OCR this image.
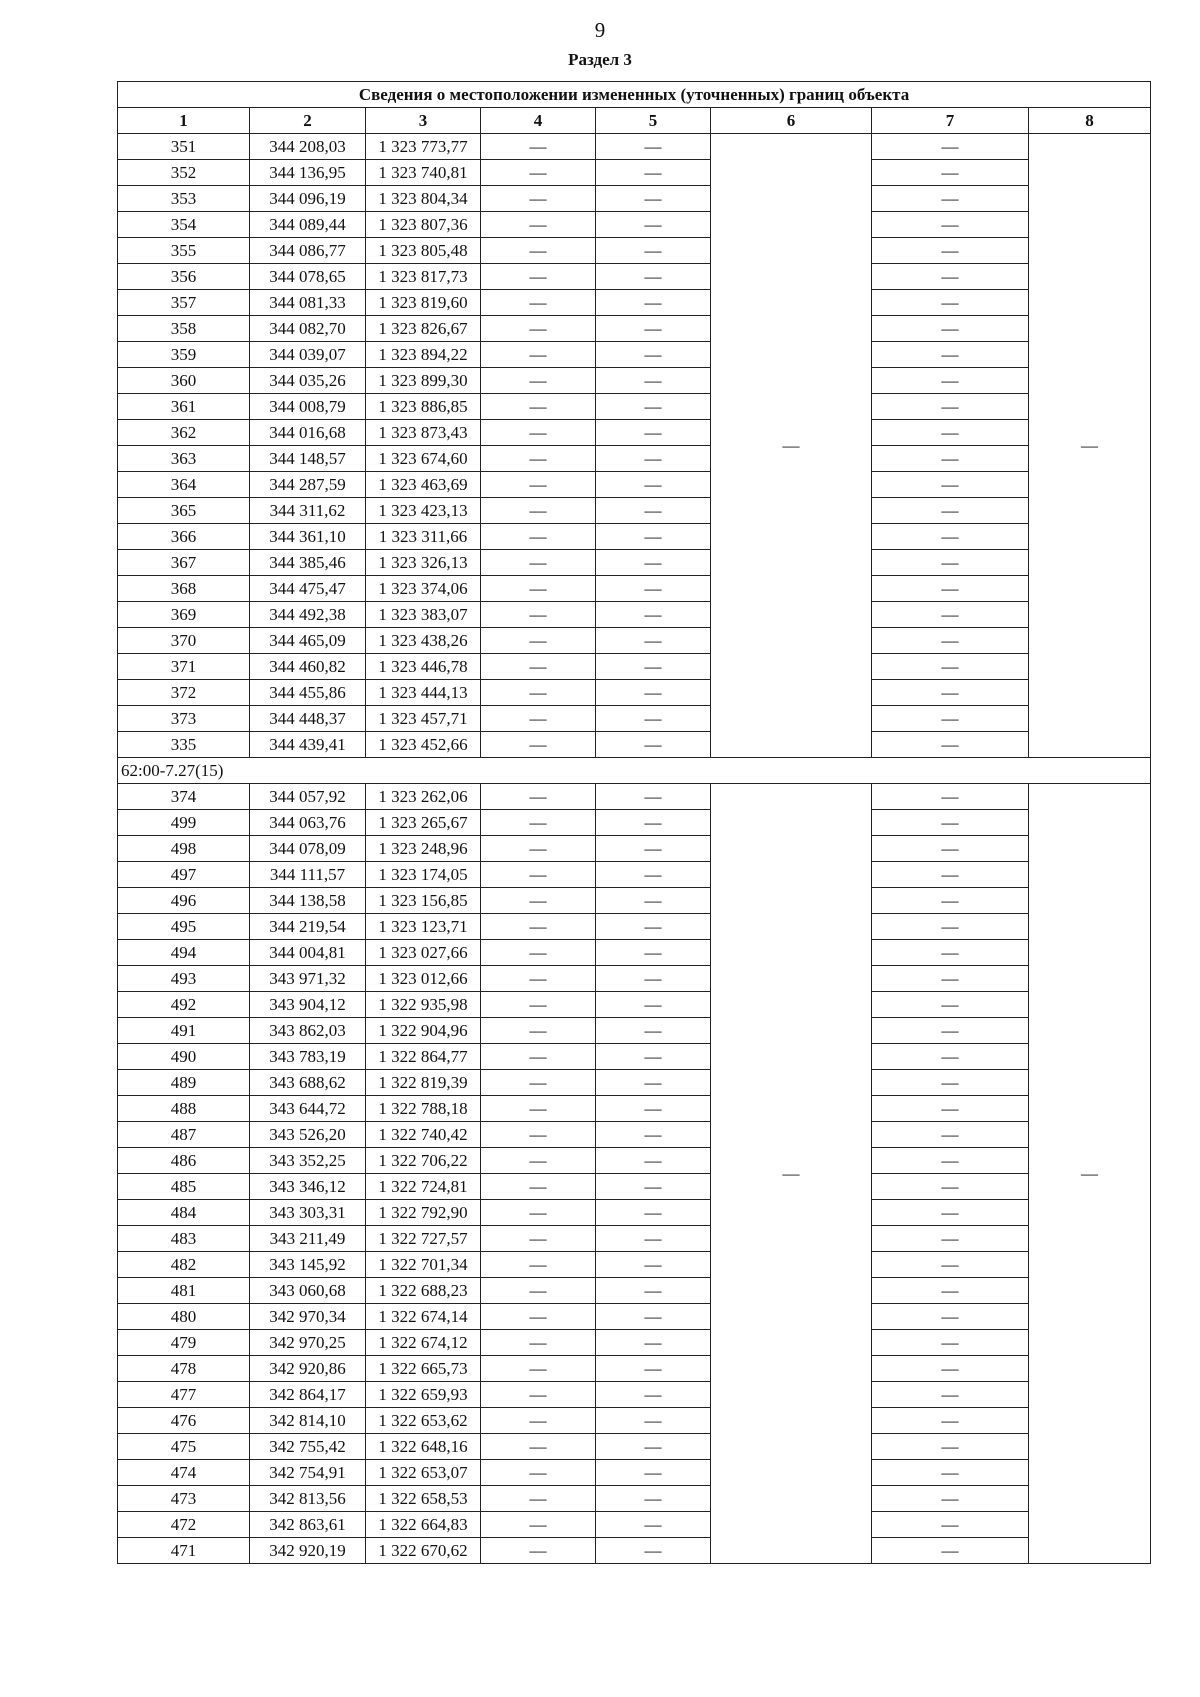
9
Раздел 3
Сведения о местоположении измененных (уточненных) границ объекта							
1	2	3	4	5	6	7	8
351	344 208,03	1 323 773,77	—	—	—	—	—
352	344 136,95	1 323 740,81	—	—		—	
353	344 096,19	1 323 804,34	—	—		—	
354	344 089,44	1 323 807,36	—	—		—	
355	344 086,77	1 323 805,48	—	—		—	
356	344 078,65	1 323 817,73	—	—		—	
357	344 081,33	1 323 819,60	—	—		—	
358	344 082,70	1 323 826,67	—	—		—	
359	344 039,07	1 323 894,22	—	—		—	
360	344 035,26	1 323 899,30	—	—		—	
361	344 008,79	1 323 886,85	—	—		—	
362	344 016,68	1 323 873,43	—	—		—	
363	344 148,57	1 323 674,60	—	—		—	
364	344 287,59	1 323 463,69	—	—		—	
365	344 311,62	1 323 423,13	—	—		—	
366	344 361,10	1 323 311,66	—	—		—	
367	344 385,46	1 323 326,13	—	—		—	
368	344 475,47	1 323 374,06	—	—		—	
369	344 492,38	1 323 383,07	—	—		—	
370	344 465,09	1 323 438,26	—	—		—	
371	344 460,82	1 323 446,78	—	—		—	
372	344 455,86	1 323 444,13	—	—		—	
373	344 448,37	1 323 457,71	—	—		—	
335	344 439,41	1 323 452,66	—	—		—	
62:00-7.27(15)							
374	344 057,92	1 323 262,06	—	—	—	—	—
499	344 063,76	1 323 265,67	—	—		—	
498	344 078,09	1 323 248,96	—	—		—	
497	344 111,57	1 323 174,05	—	—		—	
496	344 138,58	1 323 156,85	—	—		—	
495	344 219,54	1 323 123,71	—	—		—	
494	344 004,81	1 323 027,66	—	—		—	
493	343 971,32	1 323 012,66	—	—		—	
492	343 904,12	1 322 935,98	—	—		—	
491	343 862,03	1 322 904,96	—	—		—	
490	343 783,19	1 322 864,77	—	—		—	
489	343 688,62	1 322 819,39	—	—		—	
488	343 644,72	1 322 788,18	—	—		—	
487	343 526,20	1 322 740,42	—	—		—	
486	343 352,25	1 322 706,22	—	—		—	
485	343 346,12	1 322 724,81	—	—		—	
484	343 303,31	1 322 792,90	—	—		—	
483	343 211,49	1 322 727,57	—	—		—	
482	343 145,92	1 322 701,34	—	—		—	
481	343 060,68	1 322 688,23	—	—		—	
480	342 970,34	1 322 674,14	—	—		—	
479	342 970,25	1 322 674,12	—	—		—	
478	342 920,86	1 322 665,73	—	—		—	
477	342 864,17	1 322 659,93	—	—		—	
476	342 814,10	1 322 653,62	—	—		—	
475	342 755,42	1 322 648,16	—	—		—	
474	342 754,91	1 322 653,07	—	—		—	
473	342 813,56	1 322 658,53	—	—		—	
472	342 863,61	1 322 664,83	—	—		—	
471	342 920,19	1 322 670,62	—	—		—	
